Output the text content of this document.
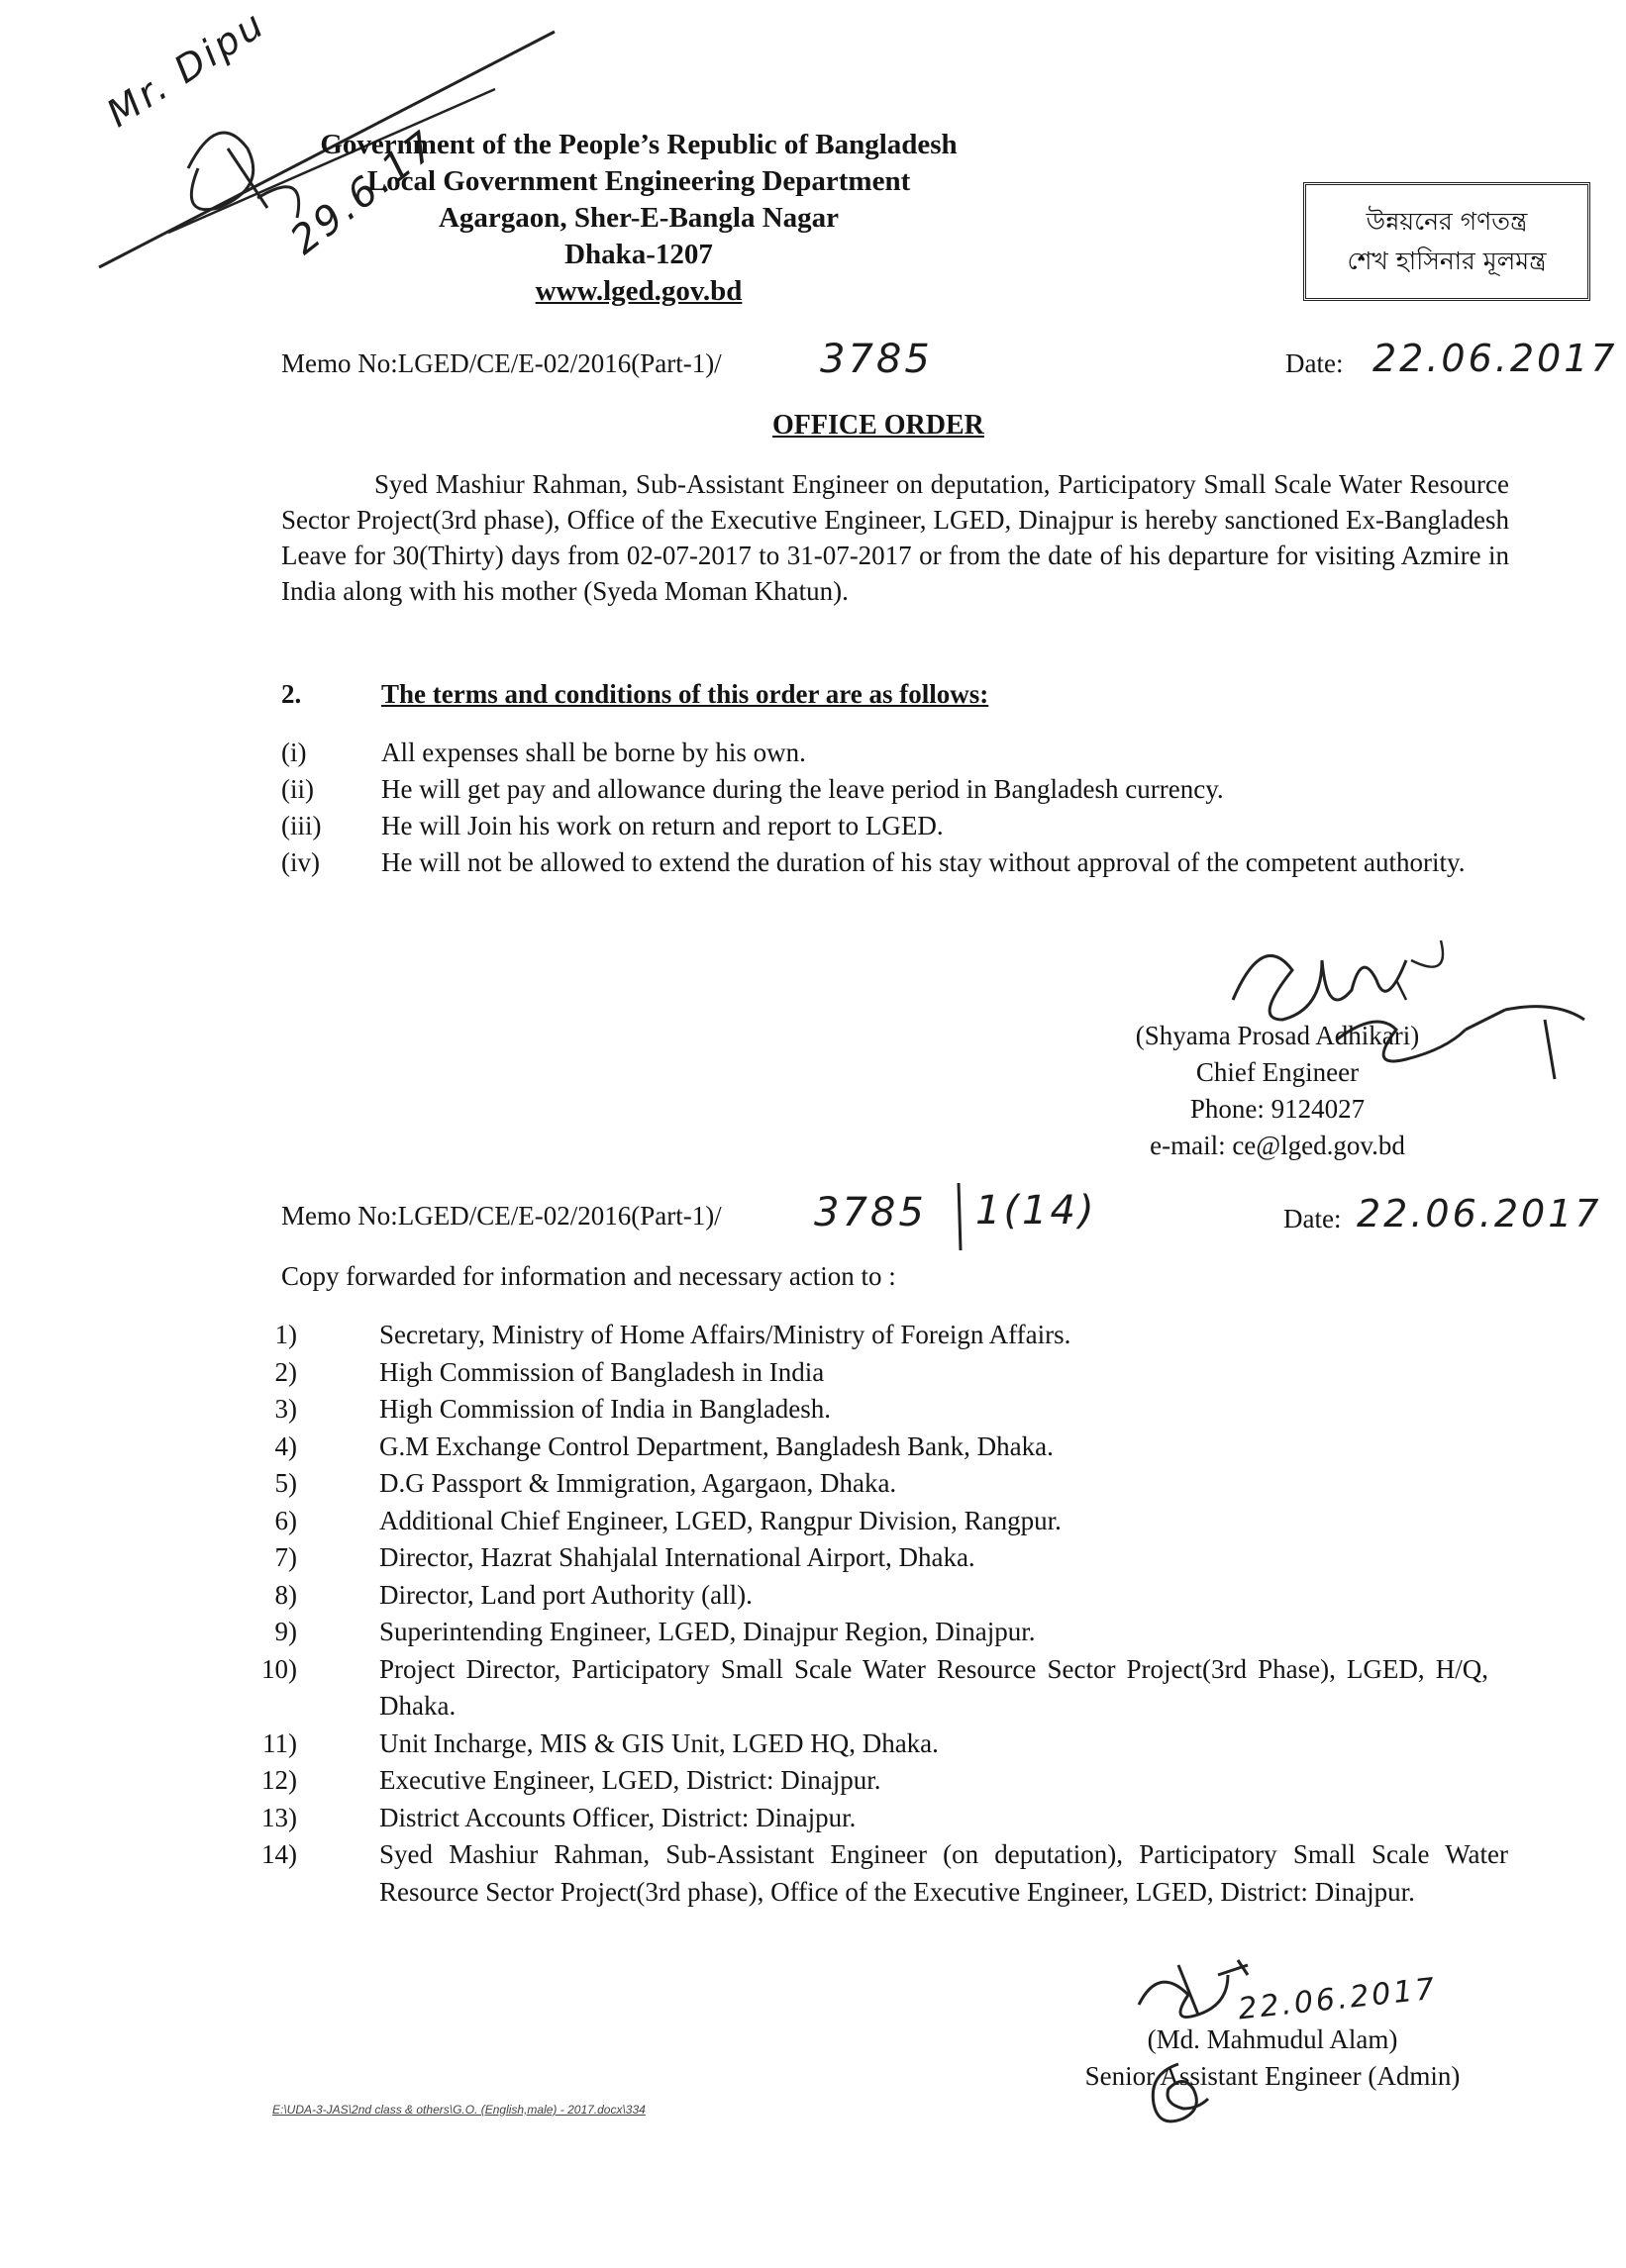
Mr. Dipu
29.6.17
Government of the People’s Republic of Bangladesh
Local Government Engineering Department
Agargaon, Sher-E-Bangla Nagar
Dhaka-1207
www.lged.gov.bd
উন্নয়নের গণতন্ত্র
শেখ হাসিনার মূলমন্ত্র
Memo No:LGED/CE/E-02/2016(Part-1)/ 3785	Date: 22.06.2017
OFFICE ORDER
Syed Mashiur Rahman, Sub-Assistant Engineer on deputation, Participatory Small Scale Water Resource Sector Project(3rd phase), Office of the Executive Engineer, LGED, Dinajpur is hereby sanctioned Ex-Bangladesh Leave for 30(Thirty) days from 02-07-2017 to 31-07-2017 or from the date of his departure for visiting Azmire in India along with his mother (Syeda Moman Khatun).
2.	The terms and conditions of this order are as follows:
(i)	All expenses shall be borne by his own.
(ii)	He will get pay and allowance during the leave period in Bangladesh currency.
(iii) He will Join his work on return and report to LGED.
(iv) He will not be allowed to extend the duration of his stay without approval of the competent authority.
(Shyama Prosad Adhikari)
Chief Engineer
Phone: 9124027
e-mail: ce@lged.gov.bd
Memo No:LGED/CE/E-02/2016(Part-1)/ 3785 1(14)	Date: 22.06.2017
Copy forwarded for information and necessary action to :
1)	Secretary, Ministry of Home Affairs/Ministry of Foreign Affairs.
2)	High Commission of Bangladesh in India
3)	High Commission of India in Bangladesh.
4)	G.M Exchange Control Department, Bangladesh Bank, Dhaka.
5)	D.G Passport & Immigration, Agargaon, Dhaka.
6)	Additional Chief Engineer, LGED, Rangpur Division, Rangpur.
7)	Director, Hazrat Shahjalal International Airport, Dhaka.
8)	Director, Land port Authority (all).
9)	Superintending Engineer, LGED, Dinajpur Region, Dinajpur.
10)	Project Director, Participatory Small Scale Water Resource Sector Project(3rd Phase), LGED, H/Q, Dhaka.
11)	Unit Incharge, MIS & GIS Unit, LGED HQ, Dhaka.
12)	Executive Engineer, LGED, District: Dinajpur.
13)	District Accounts Officer, District: Dinajpur.
14)	Syed Mashiur Rahman, Sub-Assistant Engineer (on deputation), Participatory Small Scale Water Resource Sector Project(3rd phase), Office of the Executive Engineer, LGED, District: Dinajpur.
22.06.2017
(Md. Mahmudul Alam)
Senior Assistant Engineer (Admin)
E:\UDA-3-JAS\2nd class & others\G.O. (English,male) - 2017.docx\334
